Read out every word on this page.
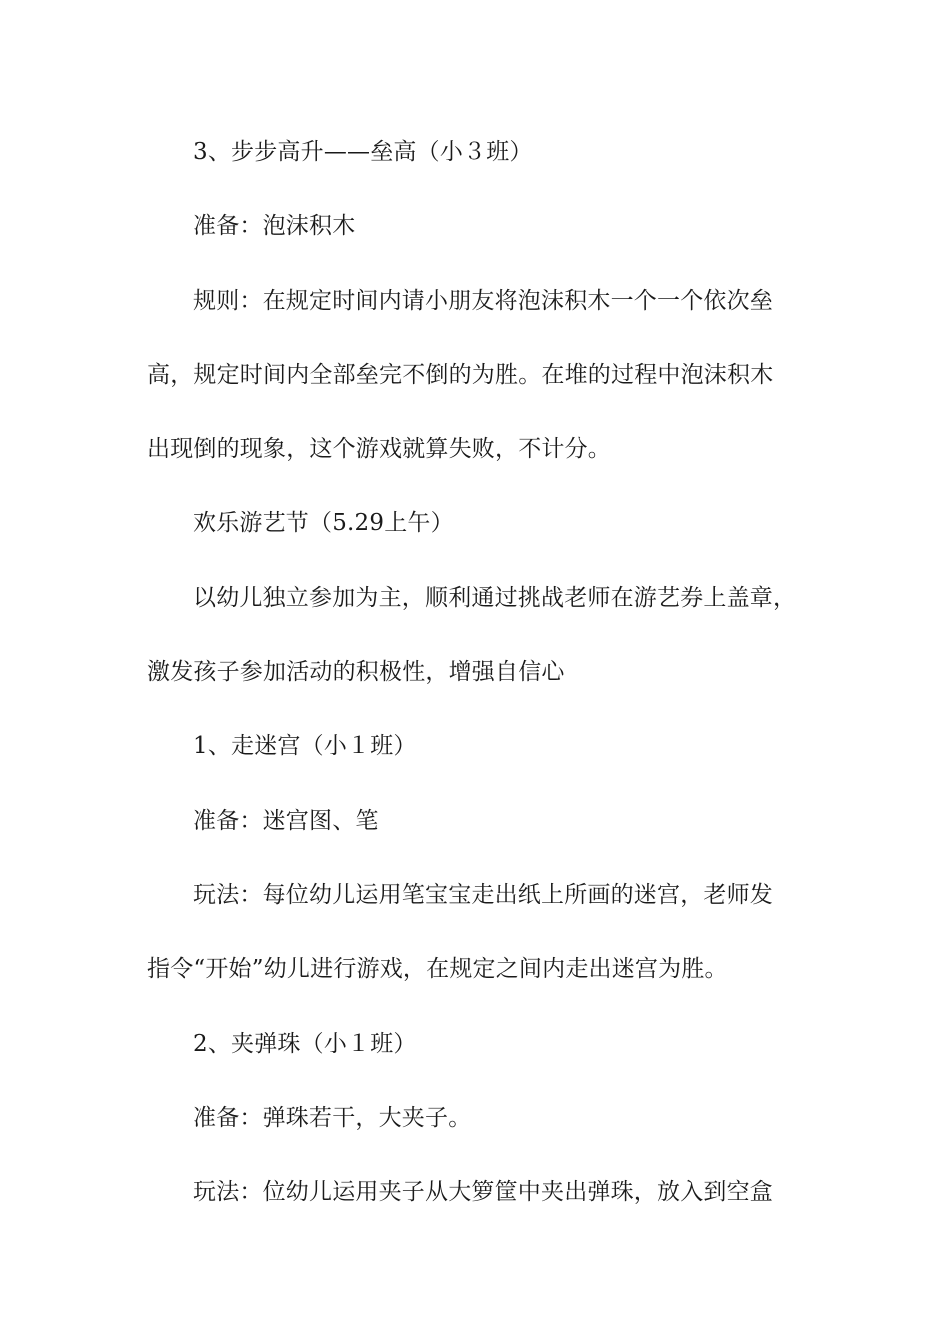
3、步步高升——垒高（小３班）
准备：泡沫积木
规则：在规定时间内请小朋友将泡沫积木一个一个依次垒
高，规定时间内全部垒完不倒的为胜。在堆的过程中泡沫积木
出现倒的现象，这个游戏就算失败，不计分。
欢乐游艺节（5.29上午）
以幼儿独立参加为主，顺利通过挑战老师在游艺券上盖章，
激发孩子参加活动的积极性，增强自信心
1、走迷宫（小１班）
准备：迷宫图、笔
玩法：每位幼儿运用笔宝宝走出纸上所画的迷宫，老师发
指令“开始”幼儿进行游戏，在规定之间内走出迷宫为胜。
2、夹弹珠（小１班）
准备：弹珠若干，大夹子。
玩法：位幼儿运用夹子从大箩筐中夹出弹珠，放入到空盒
